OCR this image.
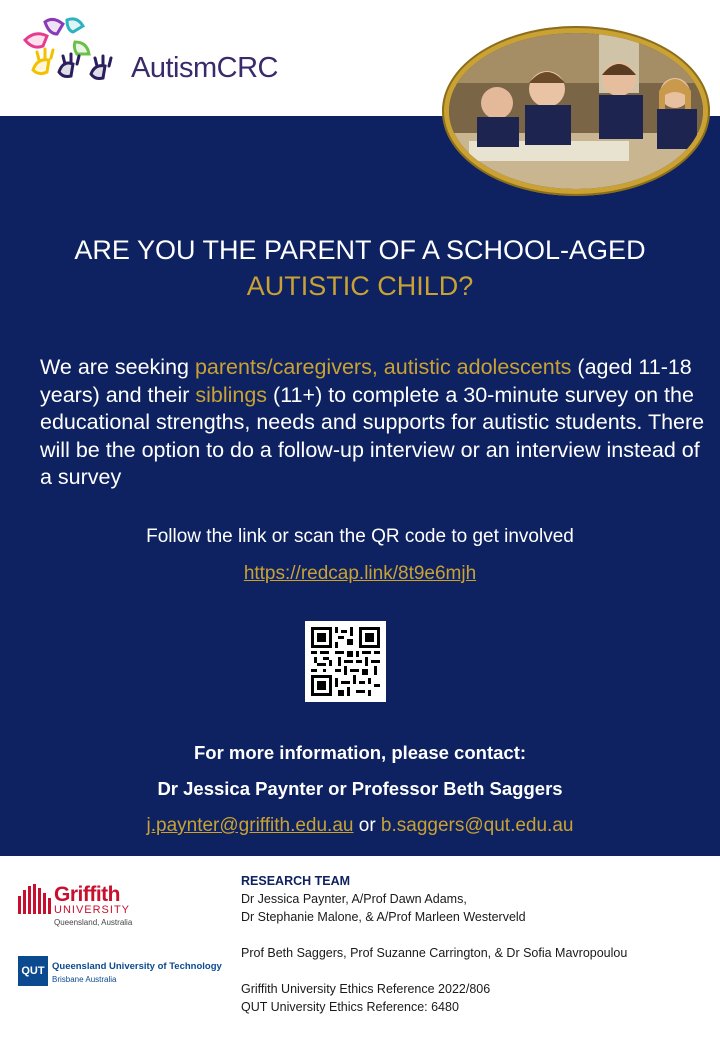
AutismCRC
ARE YOU THE PARENT OF A SCHOOL-AGED
AUTISTIC CHILD?
We are seeking parents/caregivers, autistic adolescents (aged 11-18 years) and their siblings (11+) to complete a 30-minute survey on the educational strengths, needs and supports for autistic students. There will be the option to do a follow-up interview or an interview instead of a survey
Follow the link or scan the QR code to get involved
https://redcap.link/8t9e6mjh
For more information, please contact:
Dr Jessica Paynter or Professor Beth Saggers
j.paynter@griffith.edu.au or b.saggers@qut.edu.au
Griffith
UNIVERSITY
Queensland, Australia
QUT Queensland University of Technology
Brisbane Australia

RESEARCH TEAM

Dr Jessica Paynter, A/Prof Dawn Adams,

Dr Stephanie Malone, & A/Prof Marleen Westerveld

Prof Beth Saggers, Prof Suzanne Carrington, & Dr Sofia Mavropoulou

Griffith University Ethics Reference 2022/806

QUT University Ethics Reference: 6480
